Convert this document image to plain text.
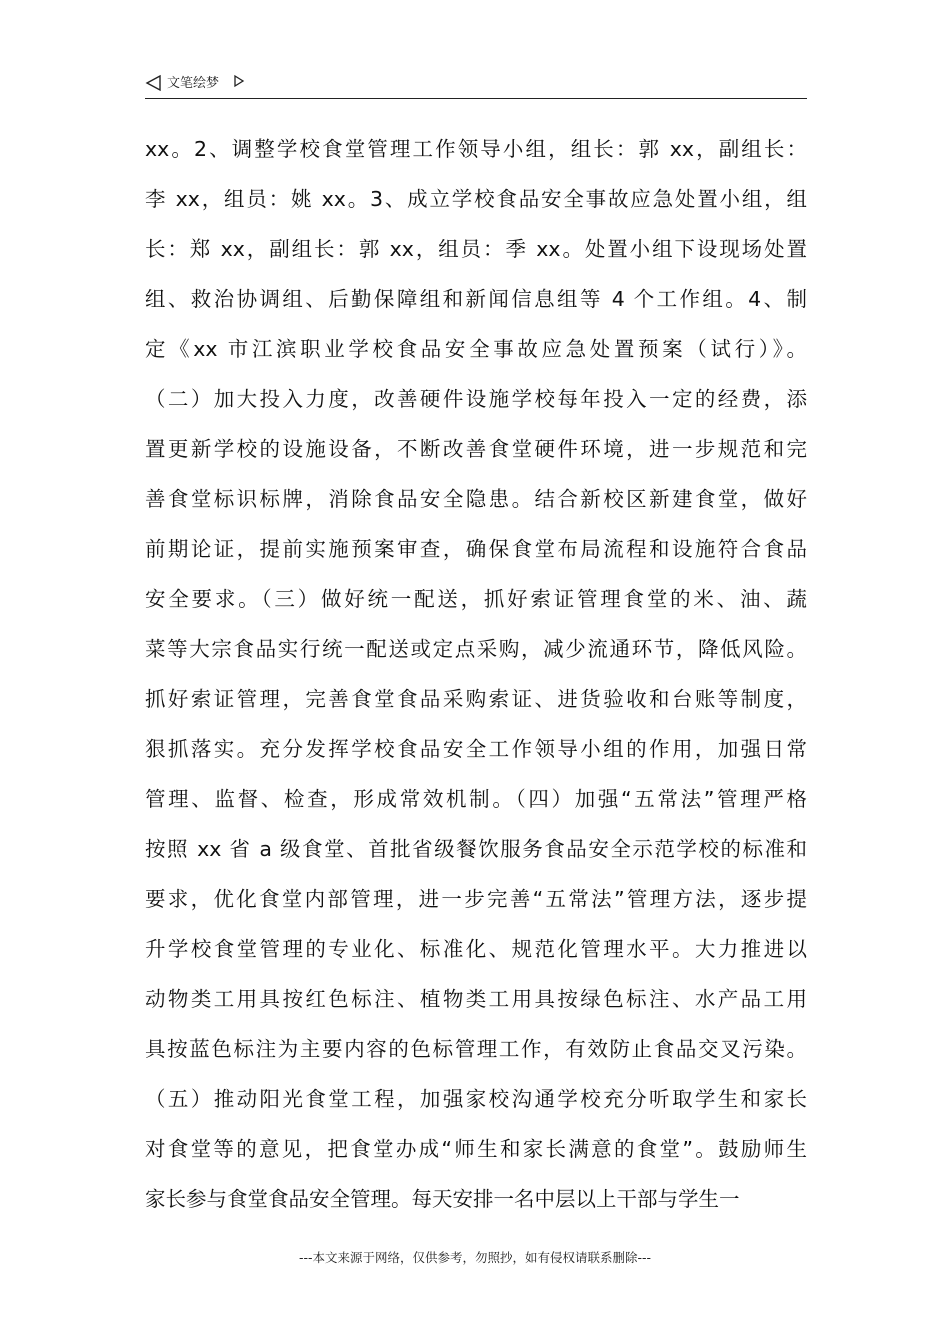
文笔绘梦
xx。2、调整学校食堂管理工作领导小组，组长：郭 xx，副组长：
李 xx，组员：姚 xx。3、成立学校食品安全事故应急处置小组，组
长：郑 xx，副组长：郭 xx，组员：季 xx。处置小组下设现场处置
组、救治协调组、后勤保障组和新闻信息组等 4 个工作组。4、制
定《xx 市江滨职业学校食品安全事故应急处置预案（试行）》。
（二）加大投入力度，改善硬件设施学校每年投入一定的经费，添
置更新学校的设施设备，不断改善食堂硬件环境，进一步规范和完
善食堂标识标牌，消除食品安全隐患。结合新校区新建食堂，做好
前期论证，提前实施预案审查，确保食堂布局流程和设施符合食品
安全要求。（三）做好统一配送，抓好索证管理食堂的米、油、蔬
菜等大宗食品实行统一配送或定点采购，减少流通环节，降低风险。
抓好索证管理，完善食堂食品采购索证、进货验收和台账等制度，
狠抓落实。充分发挥学校食品安全工作领导小组的作用，加强日常
管理、监督、检查，形成常效机制。（四）加强“五常法”管理严格
按照 xx 省 a 级食堂、首批省级餐饮服务食品安全示范学校的标准和
要求，优化食堂内部管理，进一步完善“五常法”管理方法，逐步提
升学校食堂管理的专业化、标准化、规范化管理水平。大力推进以
动物类工用具按红色标注、植物类工用具按绿色标注、水产品工用
具按蓝色标注为主要内容的色标管理工作，有效防止食品交叉污染。
（五）推动阳光食堂工程，加强家校沟通学校充分听取学生和家长
对食堂等的意见，把食堂办成“师生和家长满意的食堂”。鼓励师生
家长参与食堂食品安全管理。每天安排一名中层以上干部与学生一
---本文来源于网络，仅供参考，勿照抄，如有侵权请联系删除---
